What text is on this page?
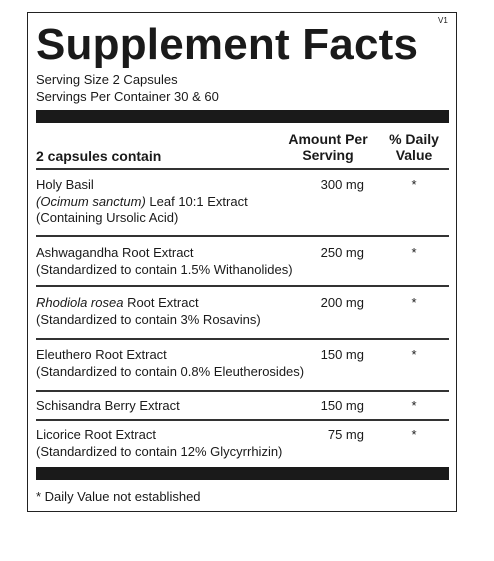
V1
Supplement Facts
Serving Size 2 Capsules
Servings Per Container 30 & 60
2 capsules contain
Amount Per
Serving
% Daily
Value
Holy Basil
(Ocimum sanctum) Leaf 10:1 Extract
(Containing Ursolic Acid)
300 mg	*
Ashwagandha Root Extract
(Standardized to contain 1.5% Withanolides)
250 mg	*
Rhodiola rosea Root Extract
(Standardized to contain 3% Rosavins)
200 mg	*
Eleuthero Root Extract
(Standardized to contain 0.8% Eleutherosides)
150 mg	*
Schisandra Berry Extract	150 mg	*
Licorice Root Extract
(Standardized to contain 12% Glycyrrhizin)
75 mg	*
* Daily Value not established
